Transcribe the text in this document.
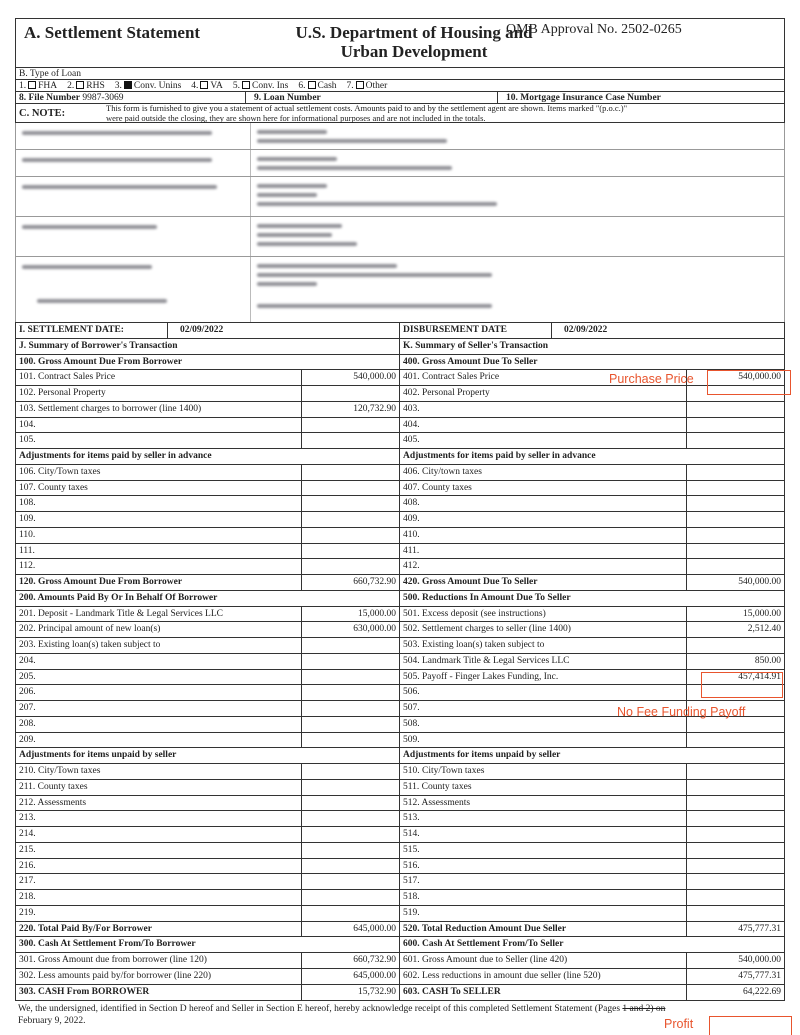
A. Settlement Statement	U.S. Department of Housing and
Urban Development
OMB Approval No. 2502-0265
B. Type of Loan
1. FHA 2. RHS 3. Conv. Unins 4. VA 5. Conv. Ins 6. Cash 7. Other
8. File Number 9987-3069	9. Loan Number	10. Mortgage Insurance Case Number
C. NOTE:	This form is furnished to give you a statement of actual settlement costs. Amounts paid to and by the settlement agent are shown. Items marked "(p.o.c.)"
were paid outside the closing, they are shown here for informational purposes and are not included in the totals.
I. SETTLEMENT DATE:	02/09/2022
J. Summary of Borrower's Transaction
100. Gross Amount Due From Borrower
101. Contract Sales Price	540,000.00
102. Personal Property
103. Settlement charges to borrower (line 1400)	120,732.90
104.
105.
Adjustments for items paid by seller in advance
106. City/Town taxes
107. County taxes
108.
109.
110.
111.
112.
120. Gross Amount Due From Borrower	660,732.90
200. Amounts Paid By Or In Behalf Of Borrower
201. Deposit - Landmark Title & Legal Services LLC	15,000.00
202. Principal amount of new loan(s)	630,000.00
203. Existing loan(s) taken subject to
204.
205.
206.
207.
208.
209.
Adjustments for items unpaid by seller
210. City/Town taxes
211. County taxes
212. Assessments
213.
214.
215.
216.
217.
218.
219.
220. Total Paid By/For Borrower	645,000.00
300. Cash At Settlement From/To Borrower
301. Gross Amount due from borrower (line 120)	660,732.90
302. Less amounts paid by/for borrower (line 220)	645,000.00
303. CASH From BORROWER	15,732.90
DISBURSEMENT DATE	02/09/2022
K. Summary of Seller's Transaction
400. Gross Amount Due To Seller
401. Contract Sales Price	540,000.00
402. Personal Property
403.
404.
405.
Adjustments for items paid by seller in advance
406. City/town taxes
407. County taxes
408.
409.
410.
411.
412.
420. Gross Amount Due To Seller	540,000.00
500. Reductions In Amount Due To Seller
501. Excess deposit (see instructions)	15,000.00
502. Settlement charges to seller (line 1400)	2,512.40
503. Existing loan(s) taken subject to
504. Landmark Title & Legal Services LLC	850.00
505. Payoff - Finger Lakes Funding, Inc.	457,414.91
506.
507.
508.
509.
Adjustments for items unpaid by seller
510. City/Town taxes
511. County taxes
512. Assessments
513.
514.
515.
516.
517.
518.
519.
520. Total Reduction Amount Due Seller	475,777.31
600. Cash At Settlement From/To Seller
601. Gross Amount due to Seller (line 420)	540,000.00
602. Less reductions in amount due seller (line 520)	475,777.31
603. CASH To SELLER	64,222.69
We, the undersigned, identified in Section D hereof and Seller in Section E hereof, hereby acknowledge receipt of this completed Settlement Statement (Pages 1 and 2) on
February 9, 2022.
Purchase Price
No Fee Funding Payoff
Profit
